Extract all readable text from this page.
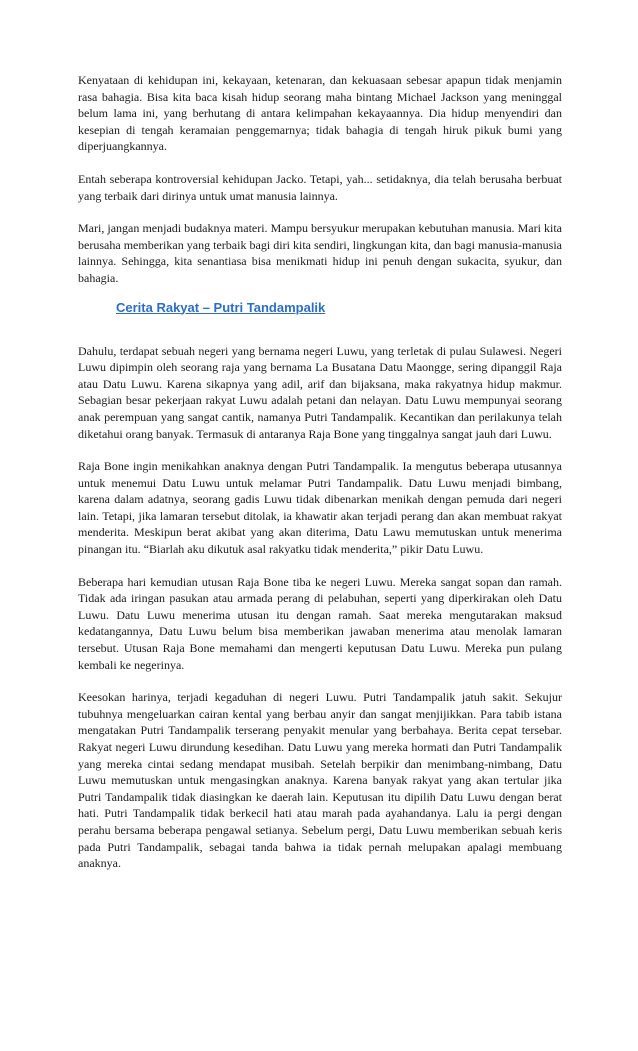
Kenyataan di kehidupan ini, kekayaan, ketenaran, dan kekuasaan sebesar apapun tidak menjamin rasa bahagia. Bisa kita baca kisah hidup seorang maha bintang Michael Jackson yang meninggal belum lama ini, yang berhutang di antara kelimpahan kekayaannya. Dia hidup menyendiri dan kesepian di tengah keramaian penggemarnya; tidak bahagia di tengah hiruk pikuk bumi yang diperjuangkannya.

Entah seberapa kontroversial kehidupan Jacko. Tetapi, yah... setidaknya, dia telah berusaha berbuat yang terbaik dari dirinya untuk umat manusia lainnya.

Mari, jangan menjadi budaknya materi. Mampu bersyukur merupakan kebutuhan manusia. Mari kita berusaha memberikan yang terbaik bagi diri kita sendiri, lingkungan kita, dan bagi manusia-manusia lainnya. Sehingga, kita senantiasa bisa menikmati hidup ini penuh dengan sukacita, syukur, dan bahagia.

Cerita Rakyat – Putri Tandampalik

Dahulu, terdapat sebuah negeri yang bernama negeri Luwu, yang terletak di pulau Sulawesi. Negeri Luwu dipimpin oleh seorang raja yang bernama La Busatana Datu Maongge, sering dipanggil Raja atau Datu Luwu. Karena sikapnya yang adil, arif dan bijaksana, maka rakyatnya hidup makmur. Sebagian besar pekerjaan rakyat Luwu adalah petani dan nelayan. Datu Luwu mempunyai seorang anak perempuan yang sangat cantik, namanya Putri Tandampalik. Kecantikan dan perilakunya telah diketahui orang banyak. Termasuk di antaranya Raja Bone yang tinggalnya sangat jauh dari Luwu.

Raja Bone ingin menikahkan anaknya dengan Putri Tandampalik. Ia mengutus beberapa utusannya untuk menemui Datu Luwu untuk melamar Putri Tandampalik. Datu Luwu menjadi bimbang, karena dalam adatnya, seorang gadis Luwu tidak dibenarkan menikah dengan pemuda dari negeri lain. Tetapi, jika lamaran tersebut ditolak, ia khawatir akan terjadi perang dan akan membuat rakyat menderita. Meskipun berat akibat yang akan diterima, Datu Lawu memutuskan untuk menerima pinangan itu. “Biarlah aku dikutuk asal rakyatku tidak menderita,” pikir Datu Luwu.

Beberapa hari kemudian utusan Raja Bone tiba ke negeri Luwu. Mereka sangat sopan dan ramah. Tidak ada iringan pasukan atau armada perang di pelabuhan, seperti yang diperkirakan oleh Datu Luwu. Datu Luwu menerima utusan itu dengan ramah. Saat mereka mengutarakan maksud kedatangannya, Datu Luwu belum bisa memberikan jawaban menerima atau menolak lamaran tersebut. Utusan Raja Bone memahami dan mengerti keputusan Datu Luwu. Mereka pun pulang kembali ke negerinya.

Keesokan harinya, terjadi kegaduhan di negeri Luwu. Putri Tandampalik jatuh sakit. Sekujur tubuhnya mengeluarkan cairan kental yang berbau anyir dan sangat menjijikkan. Para tabib istana mengatakan Putri Tandampalik terserang penyakit menular yang berbahaya. Berita cepat tersebar. Rakyat negeri Luwu dirundung kesedihan. Datu Luwu yang mereka hormati dan Putri Tandampalik yang mereka cintai sedang mendapat musibah. Setelah berpikir dan menimbang-nimbang, Datu Luwu memutuskan untuk mengasingkan anaknya. Karena banyak rakyat yang akan tertular jika Putri Tandampalik tidak diasingkan ke daerah lain. Keputusan itu dipilih Datu Luwu dengan berat hati. Putri Tandampalik tidak berkecil hati atau marah pada ayahandanya. Lalu ia pergi dengan perahu bersama beberapa pengawal setianya. Sebelum pergi, Datu Luwu memberikan sebuah keris pada Putri Tandampalik, sebagai tanda bahwa ia tidak pernah melupakan apalagi membuang anaknya.
